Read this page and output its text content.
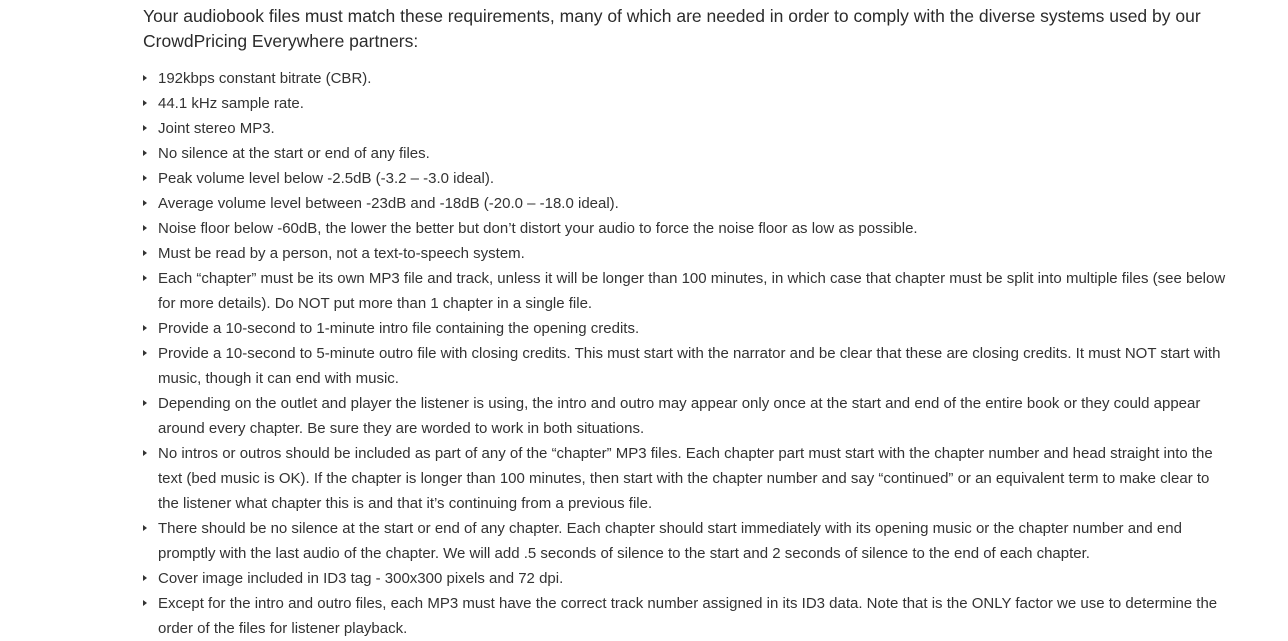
Your audiobook files must match these requirements, many of which are needed in order to comply with the diverse systems used by our CrowdPricing Everywhere partners:

192kbps constant bitrate (CBR).
44.1 kHz sample rate.
Joint stereo MP3.
No silence at the start or end of any files.
Peak volume level below -2.5dB (-3.2 – -3.0 ideal).
Average volume level between -23dB and -18dB (-20.0 – -18.0 ideal).
Noise floor below -60dB, the lower the better but don’t distort your audio to force the noise floor as low as possible.
Must be read by a person, not a text-to-speech system.
Each “chapter” must be its own MP3 file and track, unless it will be longer than 100 minutes, in which case that chapter must be split into multiple files (see below for more details). Do NOT put more than 1 chapter in a single file.
Provide a 10-second to 1-minute intro file containing the opening credits.
Provide a 10-second to 5-minute outro file with closing credits. This must start with the narrator and be clear that these are closing credits. It must NOT start with music, though it can end with music.
Depending on the outlet and player the listener is using, the intro and outro may appear only once at the start and end of the entire book or they could appear around every chapter. Be sure they are worded to work in both situations.
No intros or outros should be included as part of any of the “chapter” MP3 files. Each chapter part must start with the chapter number and head straight into the text (bed music is OK). If the chapter is longer than 100 minutes, then start with the chapter number and say “continued” or an equivalent term to make clear to the listener what chapter this is and that it’s continuing from a previous file.
There should be no silence at the start or end of any chapter. Each chapter should start immediately with its opening music or the chapter number and end promptly with the last audio of the chapter. We will add .5 seconds of silence to the start and 2 seconds of silence to the end of each chapter.
Cover image included in ID3 tag - 300x300 pixels and 72 dpi.
Except for the intro and outro files, each MP3 must have the correct track number assigned in its ID3 data. Note that is the ONLY factor we use to determine the order of the files for listener playback.
